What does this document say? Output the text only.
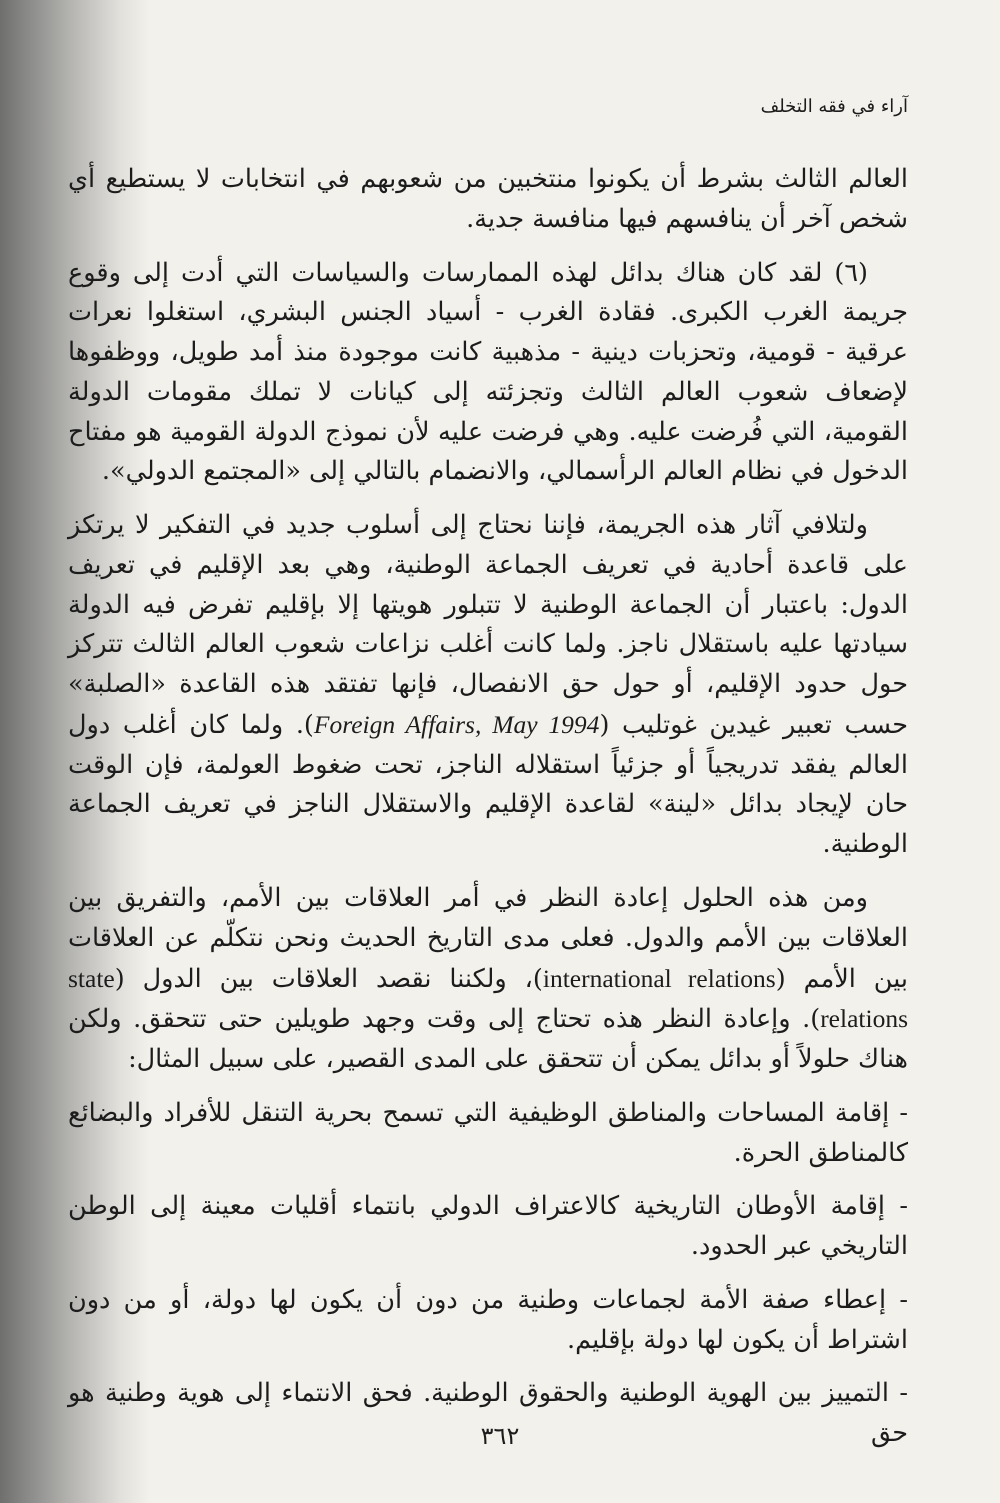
آراء في فقه التخلف

العالم الثالث بشرط أن يكونوا منتخبين من شعوبهم في انتخابات لا يستطيع أي شخص آخر أن ينافسهم فيها منافسة جدية.

(٦) لقد كان هناك بدائل لهذه الممارسات والسياسات التي أدت إلى وقوع جريمة الغرب الكبرى. فقادة الغرب - أسياد الجنس البشري، استغلوا نعرات عرقية - قومية، وتحزبات دينية - مذهبية كانت موجودة منذ أمد طويل، ووظفوها لإضعاف شعوب العالم الثالث وتجزئته إلى كيانات لا تملك مقومات الدولة القومية، التي فُرضت عليه. وهي فرضت عليه لأن نموذج الدولة القومية هو مفتاح الدخول في نظام العالم الرأسمالي، والانضمام بالتالي إلى «المجتمع الدولي».

ولتلافي آثار هذه الجريمة، فإننا نحتاج إلى أسلوب جديد في التفكير لا يرتكز على قاعدة أحادية في تعريف الجماعة الوطنية، وهي بعد الإقليم في تعريف الدول: باعتبار أن الجماعة الوطنية لا تتبلور هويتها إلا بإقليم تفرض فيه الدولة سيادتها عليه باستقلال ناجز. ولما كانت أغلب نزاعات شعوب العالم الثالث تتركز حول حدود الإقليم، أو حول حق الانفصال، فإنها تفتقد هذه القاعدة «الصلبة» حسب تعبير غيدين غوتليب (Foreign Affairs, May 1994). ولما كان أغلب دول العالم يفقد تدريجياً أو جزئياً استقلاله الناجز، تحت ضغوط العولمة، فإن الوقت حان لإيجاد بدائل «لينة» لقاعدة الإقليم والاستقلال الناجز في تعريف الجماعة الوطنية.

ومن هذه الحلول إعادة النظر في أمر العلاقات بين الأمم، والتفريق بين العلاقات بين الأمم والدول. فعلى مدى التاريخ الحديث ونحن نتكلّم عن العلاقات بين الأمم (international relations)، ولكننا نقصد العلاقات بين الدول (state relations). وإعادة النظر هذه تحتاج إلى وقت وجهد طويلين حتى تتحقق. ولكن هناك حلولاً أو بدائل يمكن أن تتحقق على المدى القصير، على سبيل المثال:

- إقامة المساحات والمناطق الوظيفية التي تسمح بحرية التنقل للأفراد والبضائع كالمناطق الحرة.

- إقامة الأوطان التاريخية كالاعتراف الدولي بانتماء أقليات معينة إلى الوطن التاريخي عبر الحدود.

- إعطاء صفة الأمة لجماعات وطنية من دون أن يكون لها دولة، أو من دون اشتراط أن يكون لها دولة بإقليم.

- التمييز بين الهوية الوطنية والحقوق الوطنية. فحق الانتماء إلى هوية وطنية هو حق

٣٦٢
